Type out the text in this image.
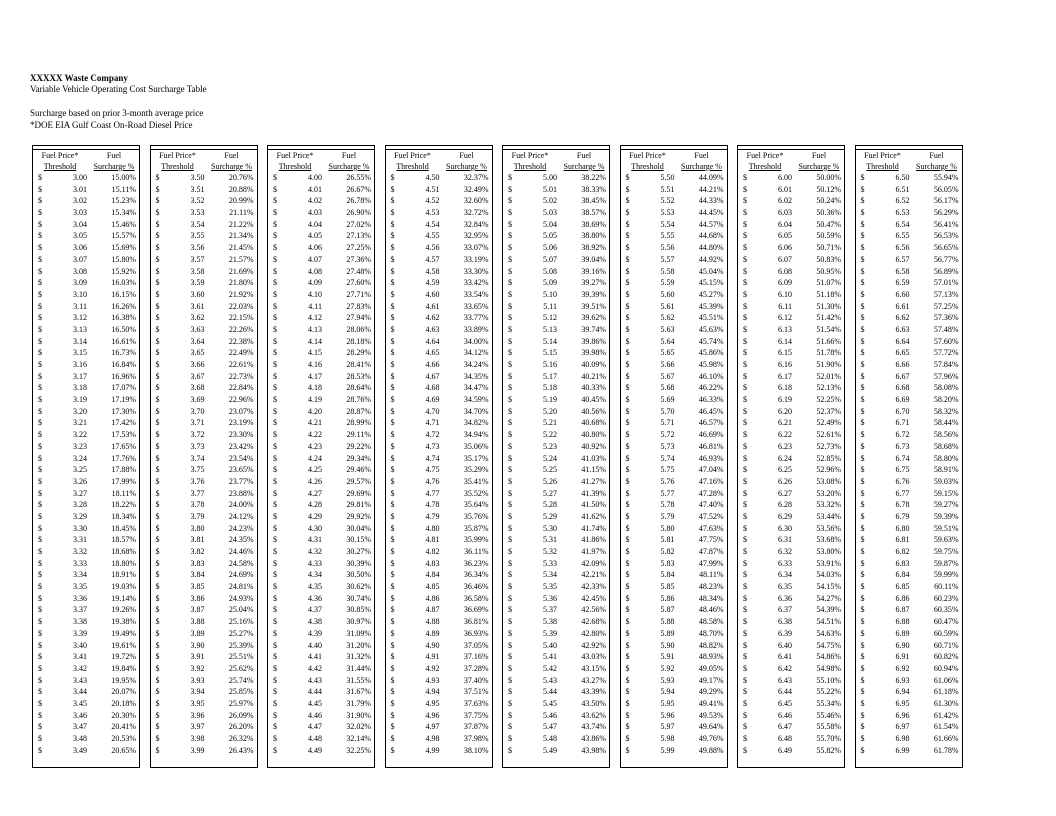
XXXXX Waste Company
Variable Vehicle Operating Cost Surcharge Table
Surcharge based on prior 3-month average price
*DOE EIA Gulf Coast On-Road Diesel Price
Fuel Price*
Threshold
Fuel
Surcharge %
$	3.00	15.00%
$	3.01	15.11%
$	3.02	15.23%
$	3.03	15.34%
$	3.04	15.46%
$	3.05	15.57%
$	3.06	15.69%
$	3.07	15.80%
$	3.08	15.92%
$	3.09	16.03%
$	3.10	16.15%
$	3.11	16.26%
$	3.12	16.38%
$	3.13	16.50%
$	3.14	16.61%
$	3.15	16.73%
$	3.16	16.84%
$	3.17	16.96%
$	3.18	17.07%
$	3.19	17.19%
$	3.20	17.30%
$	3.21	17.42%
$	3.22	17.53%
$	3.23	17.65%
$	3.24	17.76%
$	3.25	17.88%
$	3.26	17.99%
$	3.27	18.11%
$	3.28	18.22%
$	3.29	18.34%
$	3.30	18.45%
$	3.31	18.57%
$	3.32	18.68%
$	3.33	18.80%
$	3.34	18.91%
$	3.35	19.03%
$	3.36	19.14%
$	3.37	19.26%
$	3.38	19.38%
$	3.39	19.49%
$	3.40	19.61%
$	3.41	19.72%
$	3.42	19.84%
$	3.43	19.95%
$	3.44	20.07%
$	3.45	20.18%
$	3.46	20.30%
$	3.47	20.41%
$	3.48	20.53%
$	3.49	20.65%
Fuel Price*
Threshold
Fuel
Surcharge %
$	3.50	20.76%
$	3.51	20.88%
$	3.52	20.99%
$	3.53	21.11%
$	3.54	21.22%
$	3.55	21.34%
$	3.56	21.45%
$	3.57	21.57%
$	3.58	21.69%
$	3.59	21.80%
$	3.60	21.92%
$	3.61	22.03%
$	3.62	22.15%
$	3.63	22.26%
$	3.64	22.38%
$	3.65	22.49%
$	3.66	22.61%
$	3.67	22.73%
$	3.68	22.84%
$	3.69	22.96%
$	3.70	23.07%
$	3.71	23.19%
$	3.72	23.30%
$	3.73	23.42%
$	3.74	23.54%
$	3.75	23.65%
$	3.76	23.77%
$	3.77	23.88%
$	3.78	24.00%
$	3.79	24.12%
$	3.80	24.23%
$	3.81	24.35%
$	3.82	24.46%
$	3.83	24.58%
$	3.84	24.69%
$	3.85	24.81%
$	3.86	24.93%
$	3.87	25.04%
$	3.88	25.16%
$	3.89	25.27%
$	3.90	25.39%
$	3.91	25.51%
$	3.92	25.62%
$	3.93	25.74%
$	3.94	25.85%
$	3.95	25.97%
$	3.96	26.09%
$	3.97	26.20%
$	3.98	26.32%
$	3.99	26.43%
Fuel Price*
Threshold
Fuel
Surcharge %
$	4.00	26.55%
$	4.01	26.67%
$	4.02	26.78%
$	4.03	26.90%
$	4.04	27.02%
$	4.05	27.13%
$	4.06	27.25%
$	4.07	27.36%
$	4.08	27.48%
$	4.09	27.60%
$	4.10	27.71%
$	4.11	27.83%
$	4.12	27.94%
$	4.13	28.06%
$	4.14	28.18%
$	4.15	28.29%
$	4.16	28.41%
$	4.17	28.53%
$	4.18	28.64%
$	4.19	28.76%
$	4.20	28.87%
$	4.21	28.99%
$	4.22	29.11%
$	4.23	29.22%
$	4.24	29.34%
$	4.25	29.46%
$	4.26	29.57%
$	4.27	29.69%
$	4.28	29.81%
$	4.29	29.92%
$	4.30	30.04%
$	4.31	30.15%
$	4.32	30.27%
$	4.33	30.39%
$	4.34	30.50%
$	4.35	30.62%
$	4.36	30.74%
$	4.37	30.85%
$	4.38	30.97%
$	4.39	31.09%
$	4.40	31.20%
$	4.41	31.32%
$	4.42	31.44%
$	4.43	31.55%
$	4.44	31.67%
$	4.45	31.79%
$	4.46	31.90%
$	4.47	32.02%
$	4.48	32.14%
$	4.49	32.25%
Fuel Price*
Threshold
Fuel
Surcharge %
$	4.50	32.37%
$	4.51	32.49%
$	4.52	32.60%
$	4.53	32.72%
$	4.54	32.84%
$	4.55	32.95%
$	4.56	33.07%
$	4.57	33.19%
$	4.58	33.30%
$	4.59	33.42%
$	4.60	33.54%
$	4.61	33.65%
$	4.62	33.77%
$	4.63	33.89%
$	4.64	34.00%
$	4.65	34.12%
$	4.66	34.24%
$	4.67	34.35%
$	4.68	34.47%
$	4.69	34.59%
$	4.70	34.70%
$	4.71	34.82%
$	4.72	34.94%
$	4.73	35.06%
$	4.74	35.17%
$	4.75	35.29%
$	4.76	35.41%
$	4.77	35.52%
$	4.78	35.64%
$	4.79	35.76%
$	4.80	35.87%
$	4.81	35.99%
$	4.82	36.11%
$	4.83	36.23%
$	4.84	36.34%
$	4.85	36.46%
$	4.86	36.58%
$	4.87	36.69%
$	4.88	36.81%
$	4.89	36.93%
$	4.90	37.05%
$	4.91	37.16%
$	4.92	37.28%
$	4.93	37.40%
$	4.94	37.51%
$	4.95	37.63%
$	4.96	37.75%
$	4.97	37.87%
$	4.98	37.98%
$	4.99	38.10%
Fuel Price*
Threshold
Fuel
Surcharge %
$	5.00	38.22%
$	5.01	38.33%
$	5.02	38.45%
$	5.03	38.57%
$	5.04	38.69%
$	5.05	38.80%
$	5.06	38.92%
$	5.07	39.04%
$	5.08	39.16%
$	5.09	39.27%
$	5.10	39.39%
$	5.11	39.51%
$	5.12	39.62%
$	5.13	39.74%
$	5.14	39.86%
$	5.15	39.98%
$	5.16	40.09%
$	5.17	40.21%
$	5.18	40.33%
$	5.19	40.45%
$	5.20	40.56%
$	5.21	40.68%
$	5.22	40.80%
$	5.23	40.92%
$	5.24	41.03%
$	5.25	41.15%
$	5.26	41.27%
$	5.27	41.39%
$	5.28	41.50%
$	5.29	41.62%
$	5.30	41.74%
$	5.31	41.86%
$	5.32	41.97%
$	5.33	42.09%
$	5.34	42.21%
$	5.35	42.33%
$	5.36	42.45%
$	5.37	42.56%
$	5.38	42.68%
$	5.39	42.80%
$	5.40	42.92%
$	5.41	43.03%
$	5.42	43.15%
$	5.43	43.27%
$	5.44	43.39%
$	5.45	43.50%
$	5.46	43.62%
$	5.47	43.74%
$	5.48	43.86%
$	5.49	43.98%
Fuel Price*
Threshold
Fuel
Surcharge %
$	5.50	44.09%
$	5.51	44.21%
$	5.52	44.33%
$	5.53	44.45%
$	5.54	44.57%
$	5.55	44.68%
$	5.56	44.80%
$	5.57	44.92%
$	5.58	45.04%
$	5.59	45.15%
$	5.60	45.27%
$	5.61	45.39%
$	5.62	45.51%
$	5.63	45.63%
$	5.64	45.74%
$	5.65	45.86%
$	5.66	45.98%
$	5.67	46.10%
$	5.68	46.22%
$	5.69	46.33%
$	5.70	46.45%
$	5.71	46.57%
$	5.72	46.69%
$	5.73	46.81%
$	5.74	46.93%
$	5.75	47.04%
$	5.76	47.16%
$	5.77	47.28%
$	5.78	47.40%
$	5.79	47.52%
$	5.80	47.63%
$	5.81	47.75%
$	5.82	47.87%
$	5.83	47.99%
$	5.84	48.11%
$	5.85	48.23%
$	5.86	48.34%
$	5.87	48.46%
$	5.88	48.58%
$	5.89	48.70%
$	5.90	48.82%
$	5.91	48.93%
$	5.92	49.05%
$	5.93	49.17%
$	5.94	49.29%
$	5.95	49.41%
$	5.96	49.53%
$	5.97	49.64%
$	5.98	49.76%
$	5.99	49.88%
Fuel Price*
Threshold
Fuel
Surcharge %
$	6.00	50.00%
$	6.01	50.12%
$	6.02	50.24%
$	6.03	50.36%
$	6.04	50.47%
$	6.05	50.59%
$	6.06	50.71%
$	6.07	50.83%
$	6.08	50.95%
$	6.09	51.07%
$	6.10	51.18%
$	6.11	51.30%
$	6.12	51.42%
$	6.13	51.54%
$	6.14	51.66%
$	6.15	51.78%
$	6.16	51.90%
$	6.17	52.01%
$	6.18	52.13%
$	6.19	52.25%
$	6.20	52.37%
$	6.21	52.49%
$	6.22	52.61%
$	6.23	52.73%
$	6.24	52.85%
$	6.25	52.96%
$	6.26	53.08%
$	6.27	53.20%
$	6.28	53.32%
$	6.29	53.44%
$	6.30	53.56%
$	6.31	53.68%
$	6.32	53.80%
$	6.33	53.91%
$	6.34	54.03%
$	6.35	54.15%
$	6.36	54.27%
$	6.37	54.39%
$	6.38	54.51%
$	6.39	54.63%
$	6.40	54.75%
$	6.41	54.86%
$	6.42	54.98%
$	6.43	55.10%
$	6.44	55.22%
$	6.45	55.34%
$	6.46	55.46%
$	6.47	55.58%
$	6.48	55.70%
$	6.49	55.82%
Fuel Price*
Threshold
Fuel
Surcharge %
$	6.50	55.94%
$	6.51	56.05%
$	6.52	56.17%
$	6.53	56.29%
$	6.54	56.41%
$	6.55	56.53%
$	6.56	56.65%
$	6.57	56.77%
$	6.58	56.89%
$	6.59	57.01%
$	6.60	57.13%
$	6.61	57.25%
$	6.62	57.36%
$	6.63	57.48%
$	6.64	57.60%
$	6.65	57.72%
$	6.66	57.84%
$	6.67	57.96%
$	6.68	58.08%
$	6.69	58.20%
$	6.70	58.32%
$	6.71	58.44%
$	6.72	58.56%
$	6.73	58.68%
$	6.74	58.80%
$	6.75	58.91%
$	6.76	59.03%
$	6.77	59.15%
$	6.78	59.27%
$	6.79	59.39%
$	6.80	59.51%
$	6.81	59.63%
$	6.82	59.75%
$	6.83	59.87%
$	6.84	59.99%
$	6.85	60.11%
$	6.86	60.23%
$	6.87	60.35%
$	6.88	60.47%
$	6.89	60.59%
$	6.90	60.71%
$	6.91	60.82%
$	6.92	60.94%
$	6.93	61.06%
$	6.94	61.18%
$	6.95	61.30%
$	6.96	61.42%
$	6.97	61.54%
$	6.98	61.66%
$	6.99	61.78%
